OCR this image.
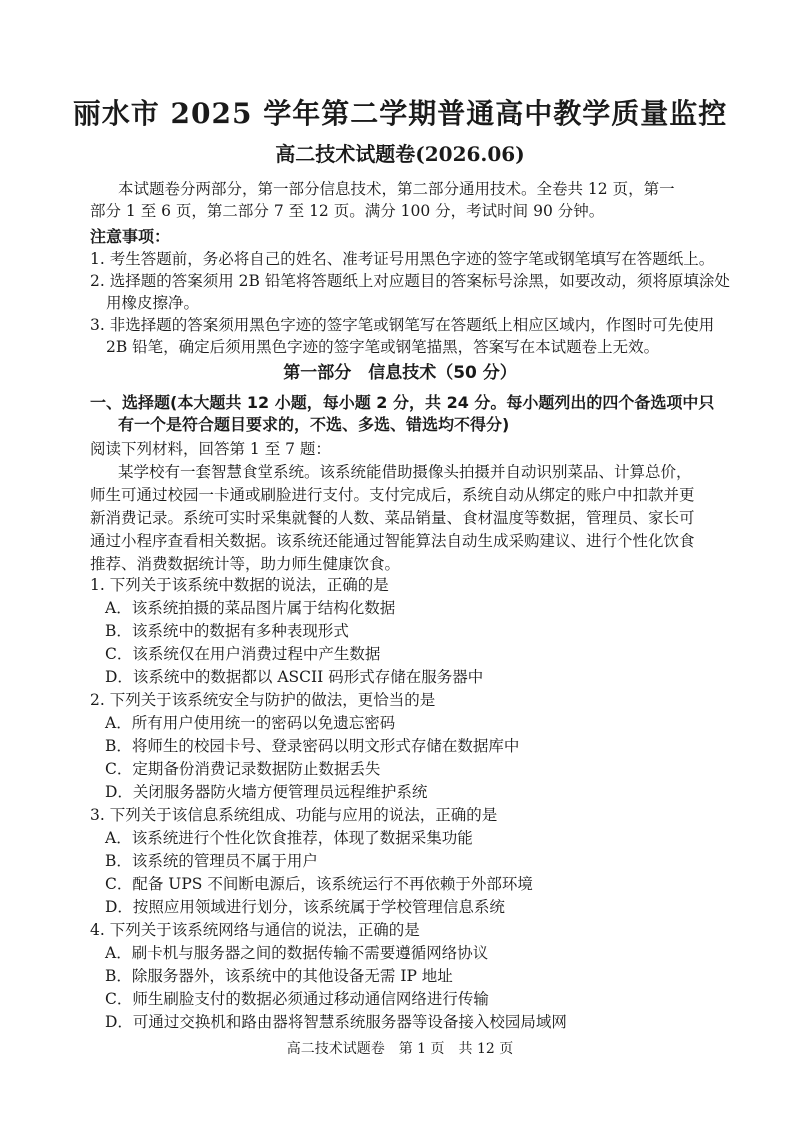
丽水市 2025 学年第二学期普通高中教学质量监控
高二技术试题卷(2026.06)
本试题卷分两部分，第一部分信息技术，第二部分通用技术。全卷共 12 页，第一
部分 1 至 6 页，第二部分 7 至 12 页。满分 100 分，考试时间 90 分钟。
注意事项：
1. 考生答题前，务必将自己的姓名、准考证号用黑色字迹的签字笔或钢笔填写在答题纸上。
2. 选择题的答案须用 2B 铅笔将答题纸上对应题目的答案标号涂黑，如要改动，须将原填涂处
用橡皮擦净。
3. 非选择题的答案须用黑色字迹的签字笔或钢笔写在答题纸上相应区域内，作图时可先使用
2B 铅笔，确定后须用黑色字迹的签字笔或钢笔描黑，答案写在本试题卷上无效。
第一部分　信息技术（50 分）
一、选择题(本大题共 12 小题，每小题 2 分，共 24 分。每小题列出的四个备选项中只
有一个是符合题目要求的，不选、多选、错选均不得分)
阅读下列材料，回答第 1 至 7 题：
某学校有一套智慧食堂系统。该系统能借助摄像头拍摄并自动识别菜品、计算总价，
师生可通过校园一卡通或刷脸进行支付。支付完成后，系统自动从绑定的账户中扣款并更
新消费记录。系统可实时采集就餐的人数、菜品销量、食材温度等数据，管理员、家长可
通过小程序查看相关数据。该系统还能通过智能算法自动生成采购建议、进行个性化饮食
推荐、消费数据统计等，助力师生健康饮食。
1. 下列关于该系统中数据的说法，正确的是
A．该系统拍摄的菜品图片属于结构化数据
B．该系统中的数据有多种表现形式
C．该系统仅在用户消费过程中产生数据
D．该系统中的数据都以 ASCII 码形式存储在服务器中
2. 下列关于该系统安全与防护的做法，更恰当的是
A．所有用户使用统一的密码以免遗忘密码
B．将师生的校园卡号、登录密码以明文形式存储在数据库中
C．定期备份消费记录数据防止数据丢失
D．关闭服务器防火墙方便管理员远程维护系统
3. 下列关于该信息系统组成、功能与应用的说法，正确的是
A．该系统进行个性化饮食推荐，体现了数据采集功能
B．该系统的管理员不属于用户
C．配备 UPS 不间断电源后，该系统运行不再依赖于外部环境
D．按照应用领域进行划分，该系统属于学校管理信息系统
4. 下列关于该系统网络与通信的说法，正确的是
A．刷卡机与服务器之间的数据传输不需要遵循网络协议
B．除服务器外，该系统中的其他设备无需 IP 地址
C．师生刷脸支付的数据必须通过移动通信网络进行传输
D．可通过交换机和路由器将智慧系统服务器等设备接入校园局域网
高二技术试题卷　第 1 页　共 12 页
